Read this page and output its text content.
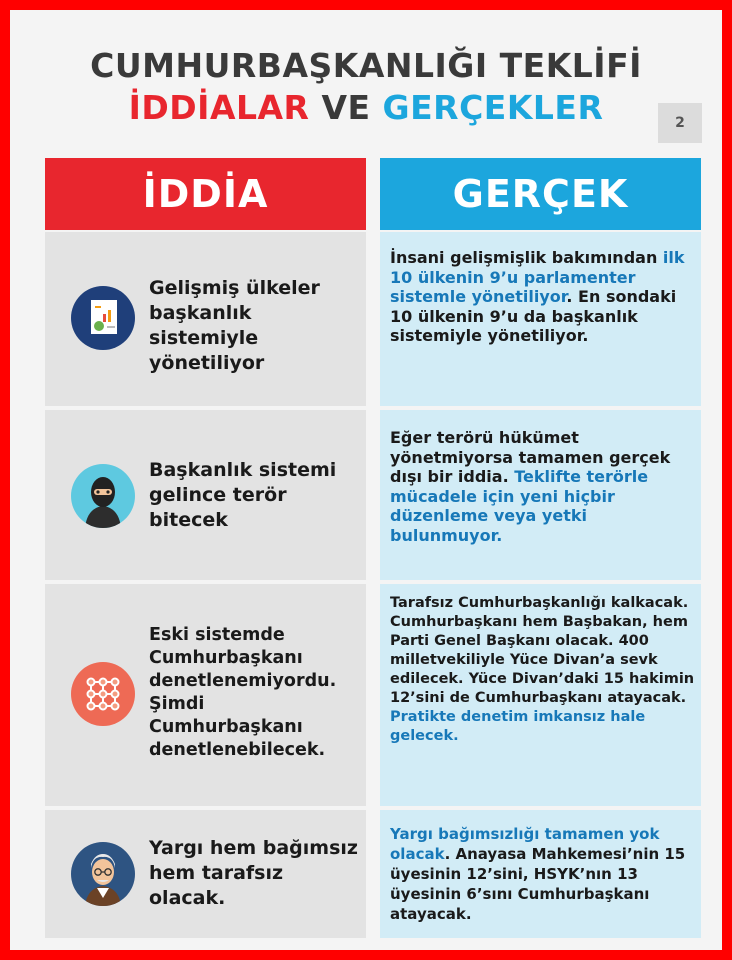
CUMHURBAŞKANLIĞI TEKLİFİ
İDDİALAR VE GERÇEKLER	2
İDDİA	GERÇEK
Gelişmiş ülkeler başkanlık sistemiyle yönetiliyor
İnsani gelişmişlik bakımından ilk 10 ülkenin 9’u parlamenter sistemle yönetiliyor. En sondaki 10 ülkenin 9’u da başkanlık sistemiyle yönetiliyor.
Başkanlık sistemi gelince terör bitecek
Eğer terörü hükümet yönetmiyorsa tamamen gerçek dışı bir iddia. Teklifte terörle mücadele için yeni hiçbir düzenleme veya yetki bulunmuyor.
Eski sistemde Cumhurbaşkanı denetlenemiyordu. Şimdi Cumhurbaşkanı denetlenebilecek.
Tarafsız Cumhurbaşkanlığı kalkacak. Cumhurbaşkanı hem Başbakan, hem Parti Genel Başkanı olacak. 400 milletvekiliyle Yüce Divan’a sevk edilecek. Yüce Divan’daki 15 hakimin 12’sini de Cumhurbaşkanı atayacak. Pratikte denetim imkansız hale gelecek.
Yargı hem bağımsız hem tarafsız olacak.
Yargı bağımsızlığı tamamen yok olacak. Anayasa Mahkemesi’nin 15 üyesinin 12’sini, HSYK’nın 13 üyesinin 6’sını Cumhurbaşkanı atayacak.
